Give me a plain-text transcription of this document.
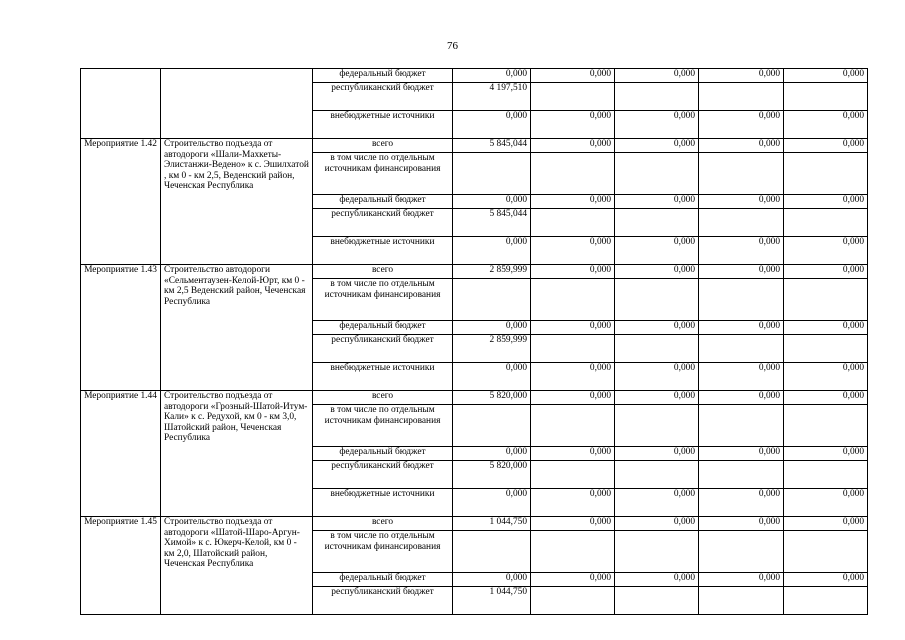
76
		федеральный бюджет	0,000	0,000	0,000	0,000	0,000
		республиканский бюджет	4 197,510				
		внебюджетные источники	0,000	0,000	0,000	0,000	0,000
Мероприятие 1.42	Строительство подъезда от автодороги «Шали-Махкеты-Элистанжи-Ведено» к с. Эшилхатой , км 0 - км 2,5, Веденский район, Чеченская Республика	всего	5 845,044	0,000	0,000	0,000	0,000
		в том числе по отдельным источникам финансирования					
		федеральный бюджет	0,000	0,000	0,000	0,000	0,000
		республиканский бюджет	5 845,044				
		внебюджетные источники	0,000	0,000	0,000	0,000	0,000
Мероприятие 1.43	Строительство автодороги «Сельментаузен-Келой-Юрт, км 0 - км 2,5 Веденский район, Чеченская Республика	всего	2 859,999	0,000	0,000	0,000	0,000
		в том числе по отдельным источникам финансирования					
		федеральный бюджет	0,000	0,000	0,000	0,000	0,000
		республиканский бюджет	2 859,999				
		внебюджетные источники	0,000	0,000	0,000	0,000	0,000
Мероприятие 1.44	Строительство подъезда от автодороги «Грозный-Шатой-Итум-Кали» к с. Редухой, км 0 - км 3,0, Шатойский район, Чеченская Республика	всего	5 820,000	0,000	0,000	0,000	0,000
		в том числе по отдельным источникам финансирования					
		федеральный бюджет	0,000	0,000	0,000	0,000	0,000
		республиканский бюджет	5 820,000				
		внебюджетные источники	0,000	0,000	0,000	0,000	0,000
Мероприятие 1.45	Строительство подъезда от автодороги «Шатой-Шаро-Аргун-Химой» к с. Юкерч-Келой, км 0 - км 2,0, Шатойский район, Чеченская Республика	всего	1 044,750	0,000	0,000	0,000	0,000
		в том числе по отдельным источникам финансирования					
		федеральный бюджет	0,000	0,000	0,000	0,000	0,000
		республиканский бюджет	1 044,750				
